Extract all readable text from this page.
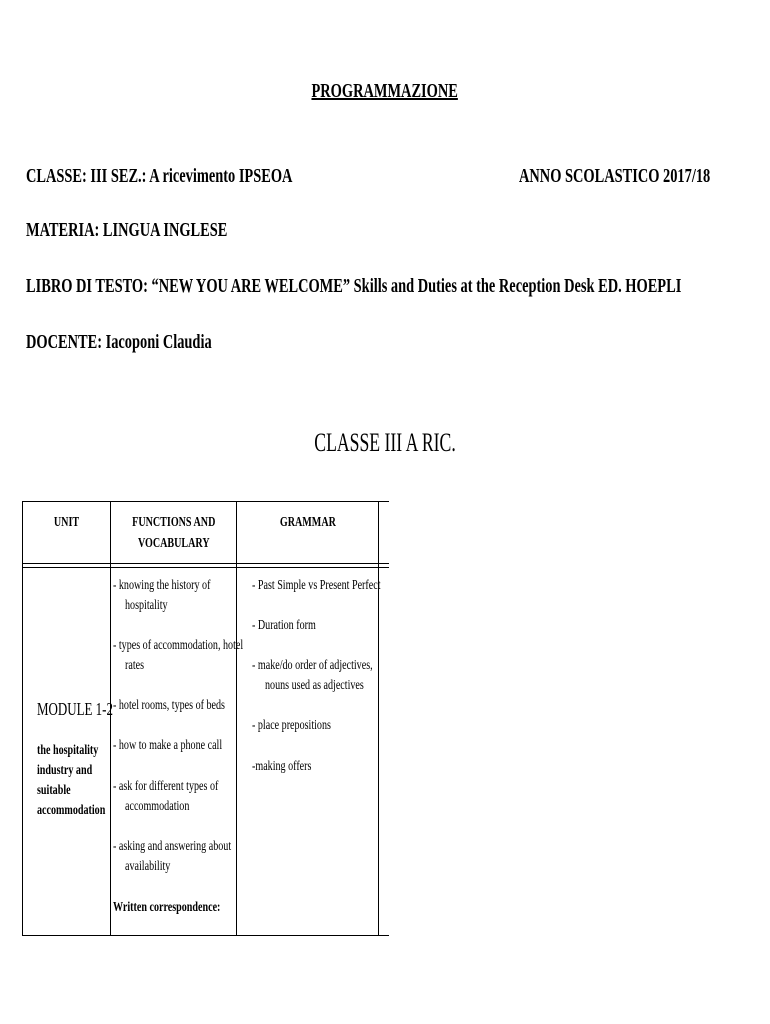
PROGRAMMAZIONE
CLASSE: III SEZ.: A ricevimento IPSEOA	ANNO SCOLASTICO 2017/18
MATERIA: LINGUA INGLESE
LIBRO DI TESTO: “NEW YOU ARE WELCOME” Skills and Duties at the Reception Desk ED. HOEPLI
DOCENTE: Iacoponi Claudia
CLASSE III A RIC.
UNIT	FUNCTIONS AND
VOCABULARY
GRAMMAR
MODULE 1-2
the hospitality
industry and
suitable
accommodation
- knowing the history of
hospitality
- types of accommodation, hotel
rates
- hotel rooms, types of beds
- how to make a phone call
- ask for different types of
accommodation
- asking and answering about
availability
Written correspondence:
- Past Simple vs Present Perfect
- Duration form
- make/do order of adjectives,
nouns used as adjectives
- place prepositions
-making offers
